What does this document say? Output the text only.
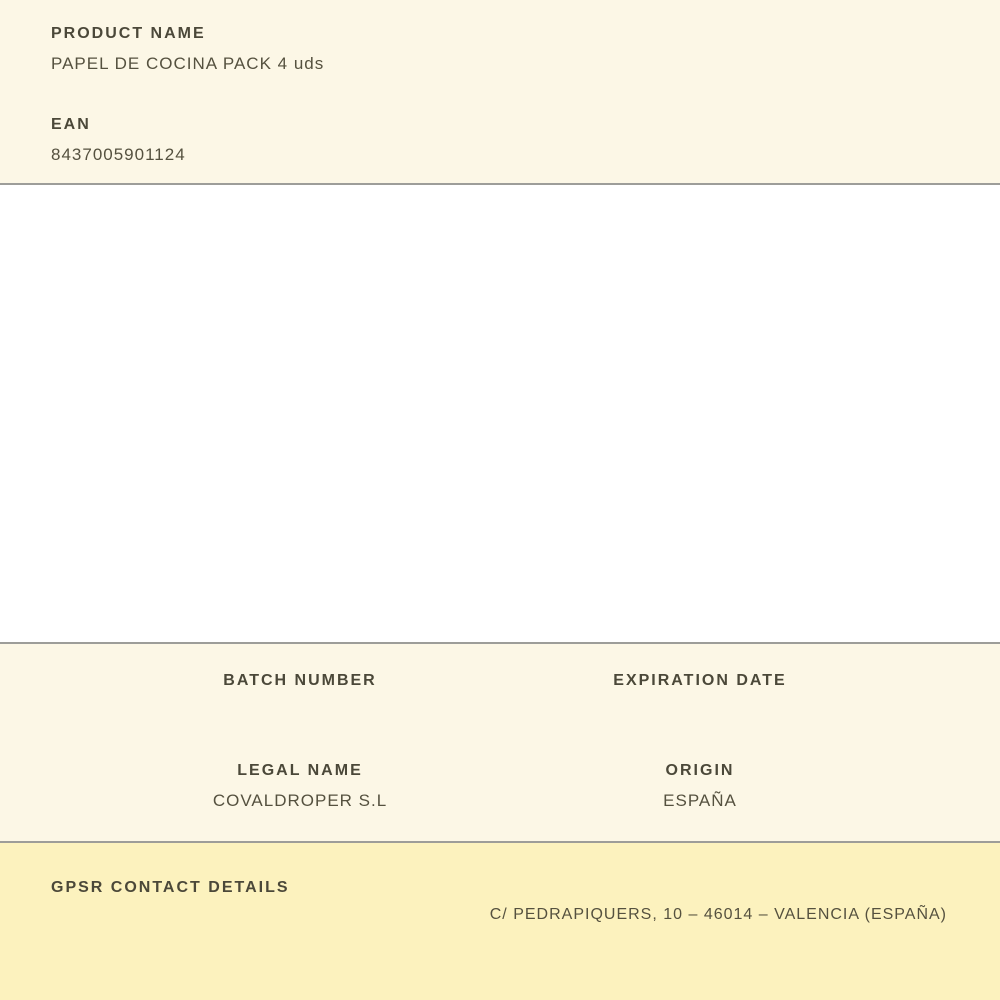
PRODUCT NAME
PAPEL DE COCINA PACK 4 uds
EAN
8437005901124
BATCH NUMBER	EXPIRATION DATE
LEGAL NAME
COVALDROPER S.L
ORIGIN
ESPAÑA
GPSR CONTACT DETAILS
C/ PEDRAPIQUERS, 10 – 46014 – VALENCIA (ESPAÑA)
